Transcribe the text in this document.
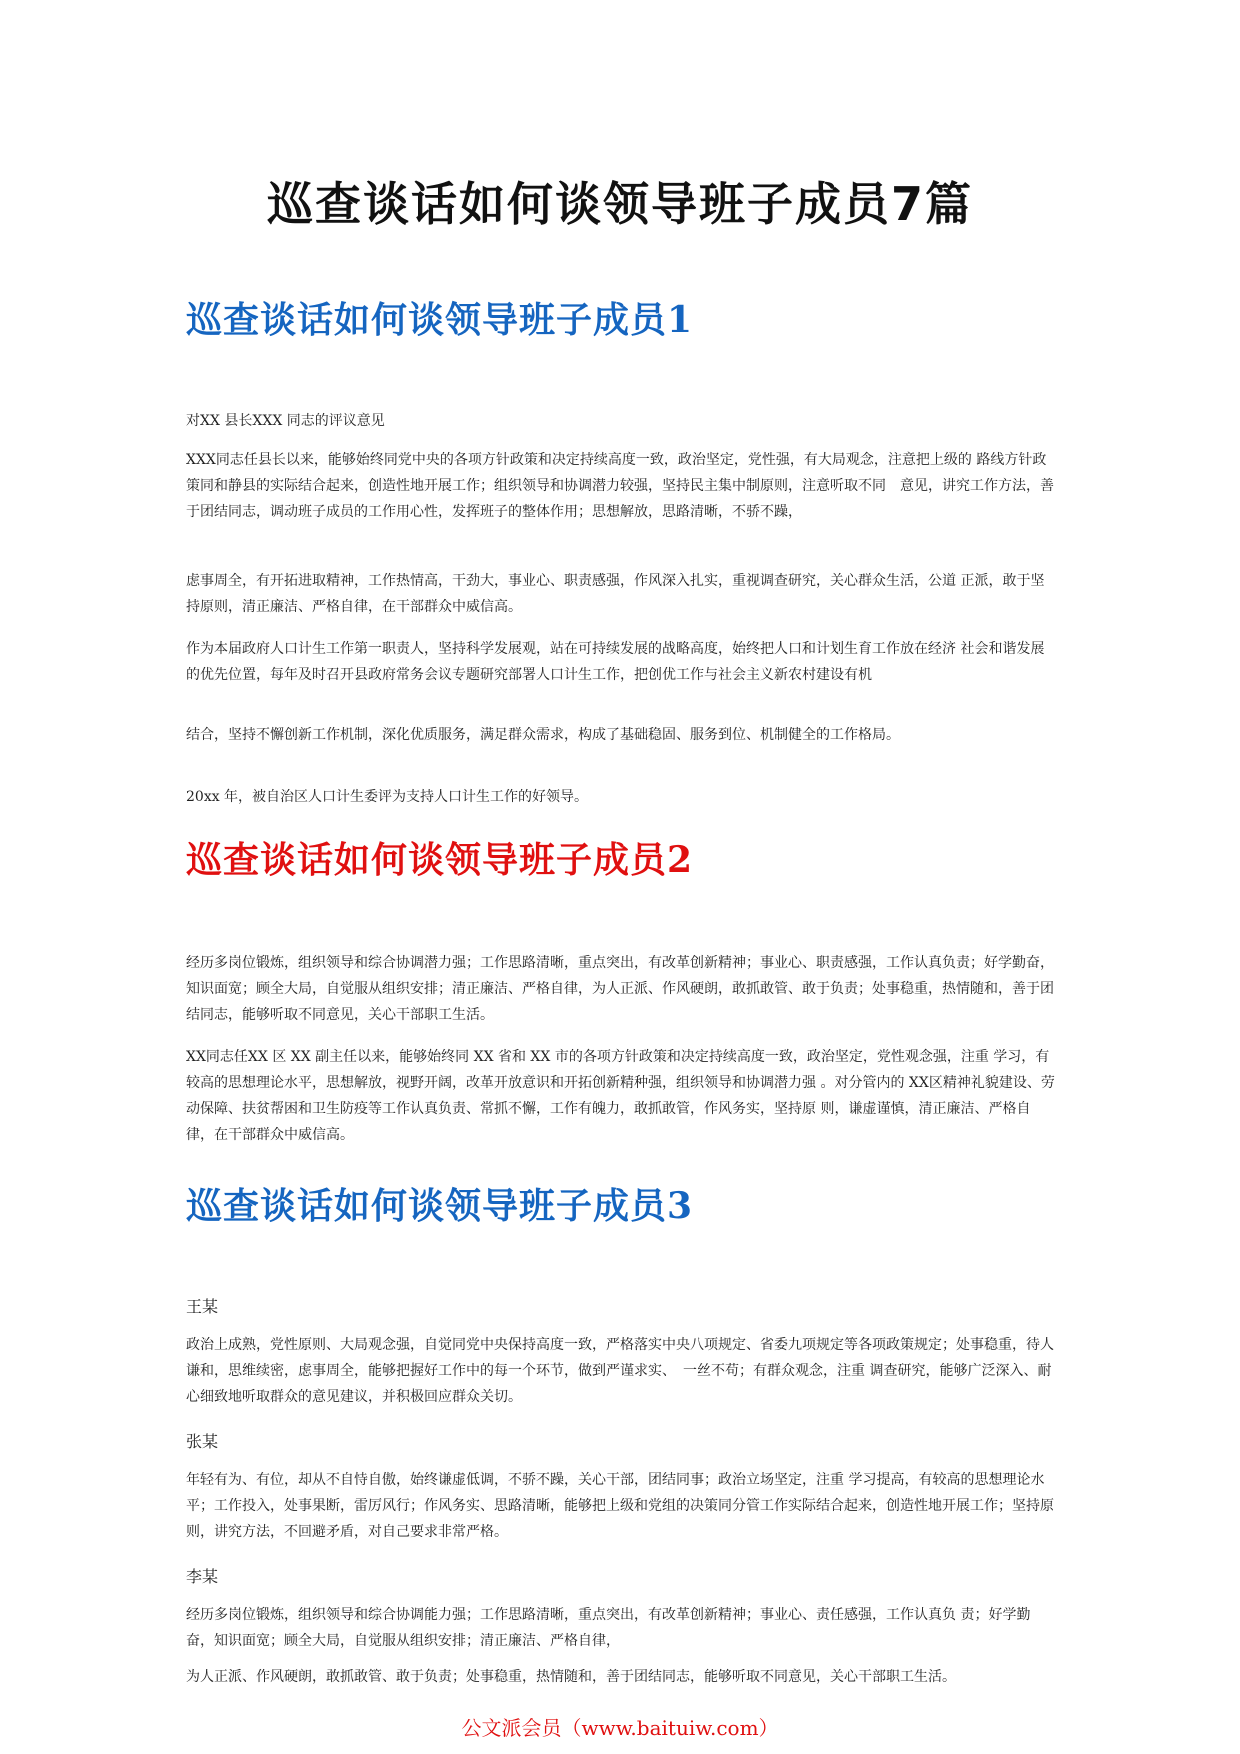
巡查谈话如何谈领导班子成员7篇
巡查谈话如何谈领导班子成员1

对XX 县长XXX 同志的评议意见

XXX同志任县长以来，能够始终同党中央的各项方针政策和决定持续高度一致，政治坚定，党性强，有大局观念，注意把上级的 路线方针政策同和静县的实际结合起来，创造性地开展工作；组织领导和协调潜力较强，坚持民主集中制原则，注意听取不同　意见，讲究工作方法，善于团结同志，调动班子成员的工作用心性，发挥班子的整体作用；思想解放，思路清晰，不骄不躁，

虑事周全，有开拓进取精神，工作热情高，干劲大，事业心、职责感强，作风深入扎实，重视调查研究，关心群众生活，公道 正派，敢于坚持原则，清正廉洁、严格自律，在干部群众中威信高。

作为本届政府人口计生工作第一职责人，坚持科学发展观，站在可持续发展的战略高度，始终把人口和计划生育工作放在经济 社会和谐发展的优先位置，每年及时召开县政府常务会议专题研究部署人口计生工作，把创优工作与社会主义新农村建设有机

结合，坚持不懈创新工作机制，深化优质服务，满足群众需求，构成了基础稳固、服务到位、机制健全的工作格局。

20xx 年，被自治区人口计生委评为支持人口计生工作的好领导。

巡查谈话如何谈领导班子成员2

经历多岗位锻炼，组织领导和综合协调潜力强；工作思路清晰，重点突出，有改革创新精神；事业心、职责感强，工作认真负责；好学勤奋，知识面宽；顾全大局，自觉服从组织安排；清正廉洁、严格自律，为人正派、作风硬朗，敢抓敢管、敢于负责；处事稳重，热情随和，善于团结同志，能够听取不同意见，关心干部职工生活。

XX同志任XX 区 XX 副主任以来，能够始终同 XX 省和 XX 市的各项方针政策和决定持续高度一致，政治坚定，党性观念强，注重 学习，有较高的思想理论水平，思想解放，视野开阔，改革开放意识和开拓创新精种强，组织领导和协调潜力强 。对分管内的 XX区精神礼貌建设、劳动保障、扶贫帮困和卫生防疫等工作认真负责、常抓不懈，工作有魄力，敢抓敢管，作风务实，坚持原 则，谦虚谨慎，清正廉洁、严格自律，在干部群众中威信高。

巡查谈话如何谈领导班子成员3

王某

政治上成熟，党性原则、大局观念强，自觉同党中央保持高度一致，严格落实中央八项规定、省委九项规定等各项政策规定；处事稳重，待人谦和，思维续密，虑事周全，能够把握好工作中的每一个环节，做到严谨求实、　一丝不苟；有群众观念，注重 调查研究，能够广泛深入、耐心细致地听取群众的意见建议，并积极回应群众关切。

张某

年轻有为、有位，却从不自恃自傲，始终谦虚低调，不骄不躁，关心干部，团结同事；政治立场坚定，注重 学习提高，有较高的思想理论水平；工作投入，处事果断，雷厉风行；作风务实、思路清晰，能够把上级和党组的决策同分管工作实际结合起来，创造性地开展工作；坚持原则，讲究方法，不回避矛盾，对自己要求非常严格。

李某

经历多岗位锻炼，组织领导和综合协调能力强；工作思路清晰，重点突出，有改革创新精神；事业心、责任感强，工作认真负 责；好学勤奋，知识面宽；顾全大局，自觉服从组织安排；清正廉洁、严格自律，

为人正派、作风硬朗，敢抓敢管、敢于负责；处事稳重，热情随和，善于团结同志，能够听取不同意见，关心干部职工生活。

公文派会员（www.baituiw.com）
